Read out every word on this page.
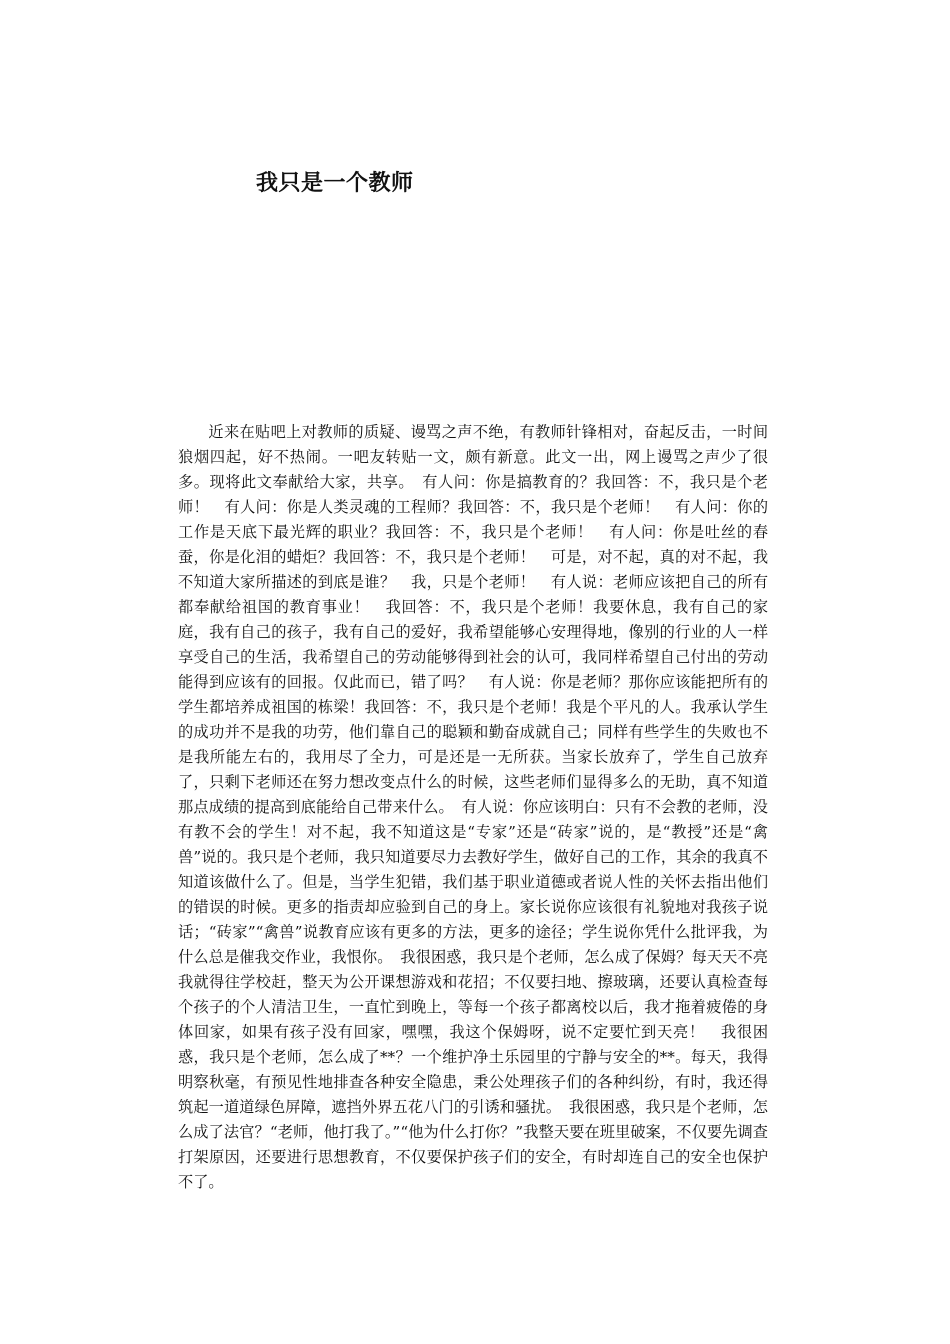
我只是一个教师

近来在贴吧上对教师的质疑、谩骂之声不绝，有教师针锋相对，奋起反击，一时间狼烟四起，好不热闹。一吧友转贴一文，颇有新意。此文一出，网上谩骂之声少了很多。现将此文奉献给大家，共享。　有人问：你是搞教育的？我回答：不，我只是个老师！　有人问：你是人类灵魂的工程师？我回答：不，我只是个老师！　有人问：你的工作是天底下最光辉的职业？我回答：不，我只是个老师！　有人问：你是吐丝的春蚕，你是化泪的蜡炬？我回答：不，我只是个老师！　可是，对不起，真的对不起，我不知道大家所描述的到底是谁？　我，只是个老师！　有人说：老师应该把自己的所有都奉献给祖国的教育事业！　我回答：不，我只是个老师！我要休息，我有自己的家庭，我有自己的孩子，我有自己的爱好，我希望能够心安理得地，像别的行业的人一样享受自己的生活，我希望自己的劳动能够得到社会的认可，我同样希望自己付出的劳动能得到应该有的回报。仅此而已，错了吗？　有人说：你是老师？那你应该能把所有的学生都培养成祖国的栋梁！我回答：不，我只是个老师！我是个平凡的人。我承认学生的成功并不是我的功劳，他们靠自己的聪颖和勤奋成就自己；同样有些学生的失败也不是我所能左右的，我用尽了全力，可是还是一无所获。当家长放弃了，学生自己放弃了，只剩下老师还在努力想改变点什么的时候，这些老师们显得多么的无助，真不知道那点成绩的提高到底能给自己带来什么。　有人说：你应该明白：只有不会教的老师，没有教不会的学生！对不起，我不知道这是“专家”还是“砖家”说的，是“教授”还是“禽兽”说的。我只是个老师，我只知道要尽力去教好学生，做好自己的工作，其余的我真不知道该做什么了。但是，当学生犯错，我们基于职业道德或者说人性的关怀去指出他们的错误的时候。更多的指责却应验到自己的身上。家长说你应该很有礼貌地对我孩子说话；“砖家”“禽兽”说教育应该有更多的方法，更多的途径；学生说你凭什么批评我，为什么总是催我交作业，我恨你。　我很困惑，我只是个老师，怎么成了保姆？每天天不亮我就得往学校赶，整天为公开课想游戏和花招；不仅要扫地、擦玻璃，还要认真检查每个孩子的个人清洁卫生，一直忙到晚上，等每一个孩子都离校以后，我才拖着疲倦的身体回家，如果有孩子没有回家，嘿嘿，我这个保姆呀，说不定要忙到天亮！　我很困惑，我只是个老师，怎么成了**？一个维护净土乐园里的宁静与安全的**。每天，我得明察秋毫，有预见性地排查各种安全隐患，秉公处理孩子们的各种纠纷，有时，我还得筑起一道道绿色屏障，遮挡外界五花八门的引诱和骚扰。　我很困惑，我只是个老师，怎么成了法官？“老师，他打我了。”“他为什么打你？”我整天要在班里破案，不仅要先调查打架原因，还要进行思想教育，不仅要保护孩子们的安全，有时却连自己的安全也保护不了。
